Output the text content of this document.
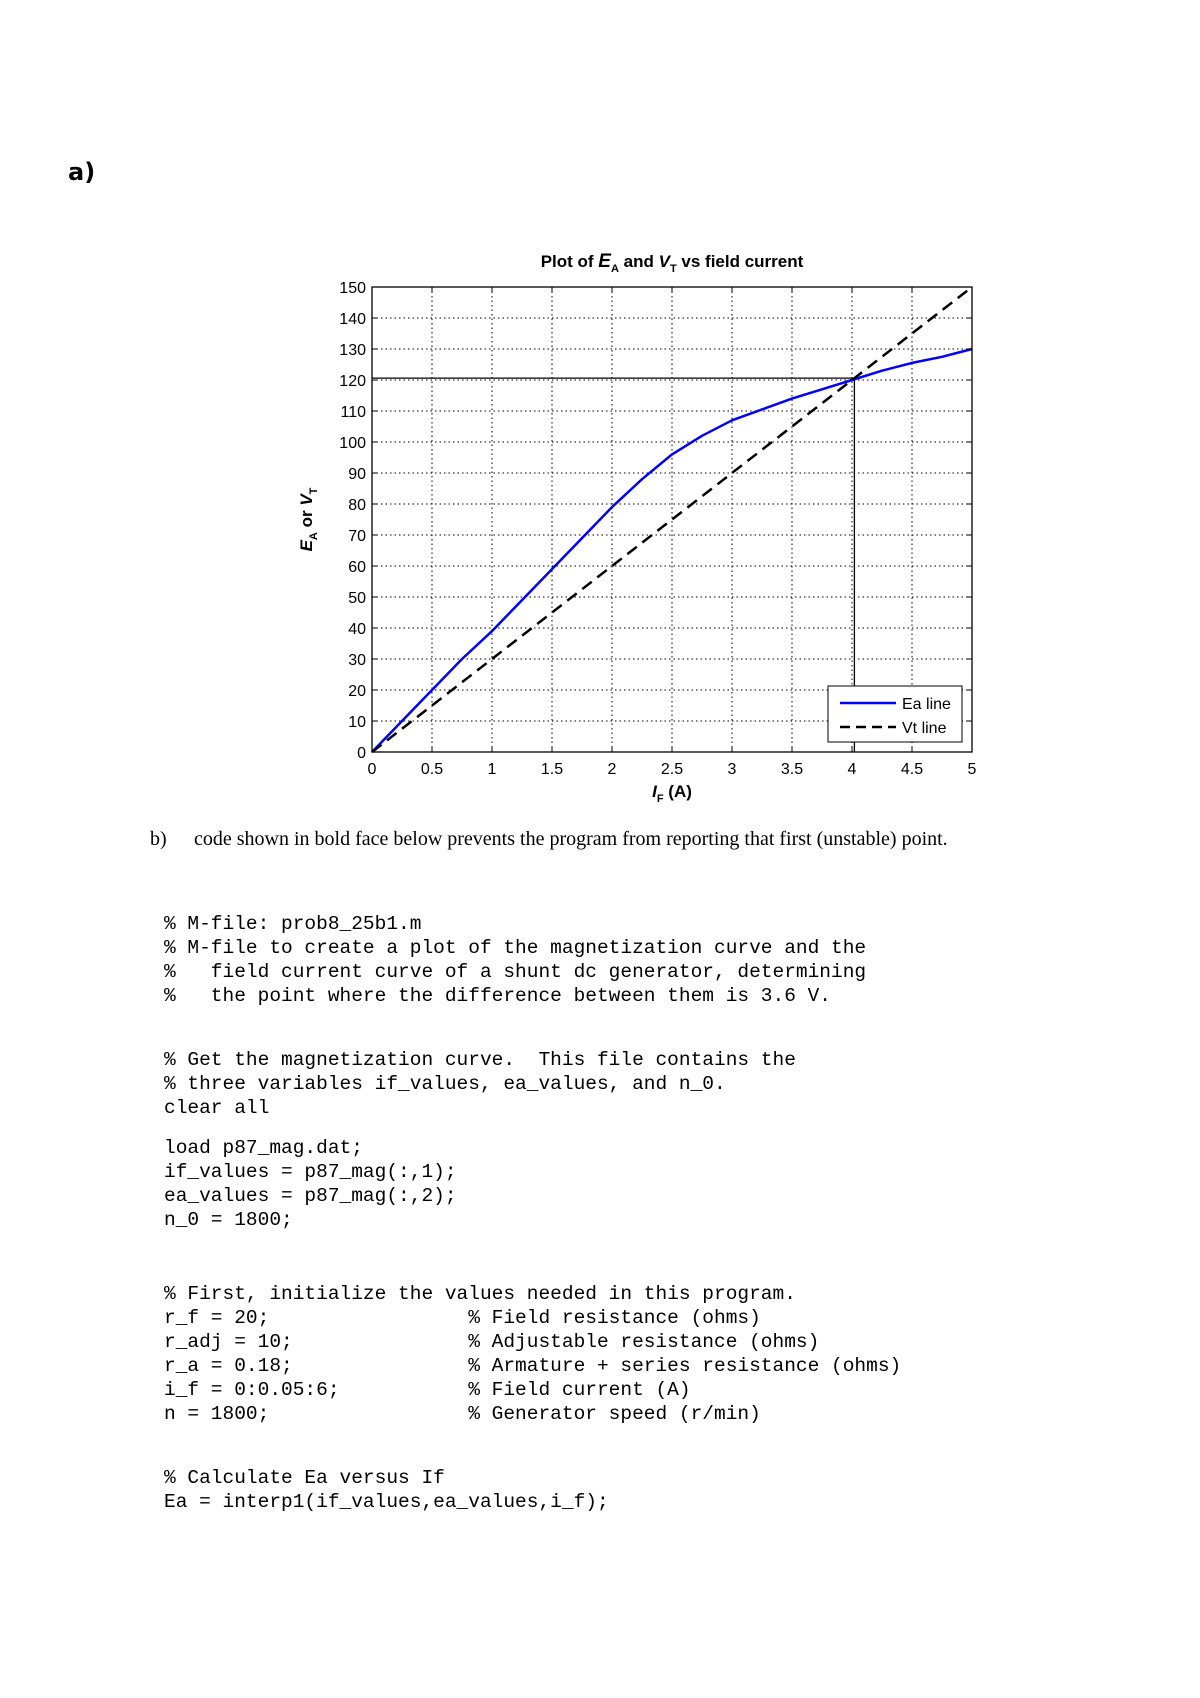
a)
0	0.5	1	1.5	2	2.5	3	3.5	4	4.5	5
0
10
20
30
40
50
60
70
80
90
100
110
120
130
140
150
Plot of $E_A$ and $V_T$ vs field current
$I_F$ (A)
$E_A$ or $V_T$
Ea line
Vt line
b) code shown in bold face below prevents the program from reporting that first (unstable) point.
% M-file: prob8_25b1.m
% M-file to create a plot of the magnetization curve and the
%   field current curve of a shunt dc generator, determining
%   the point where the difference between them is 3.6 V.
% Get the magnetization curve.  This file contains the
% three variables if_values, ea_values, and n_0.
clear all
load p87_mag.dat;
if_values = p87_mag(:,1);
ea_values = p87_mag(:,2);
n_0 = 1800;
% First, initialize the values needed in this program.
r_f = 20;                 % Field resistance (ohms)
r_adj = 10;               % Adjustable resistance (ohms)
r_a = 0.18;               % Armature + series resistance (ohms)
i_f = 0:0.05:6;           % Field current (A)
n = 1800;                 % Generator speed (r/min)
% Calculate Ea versus If
Ea = interp1(if_values,ea_values,i_f);
